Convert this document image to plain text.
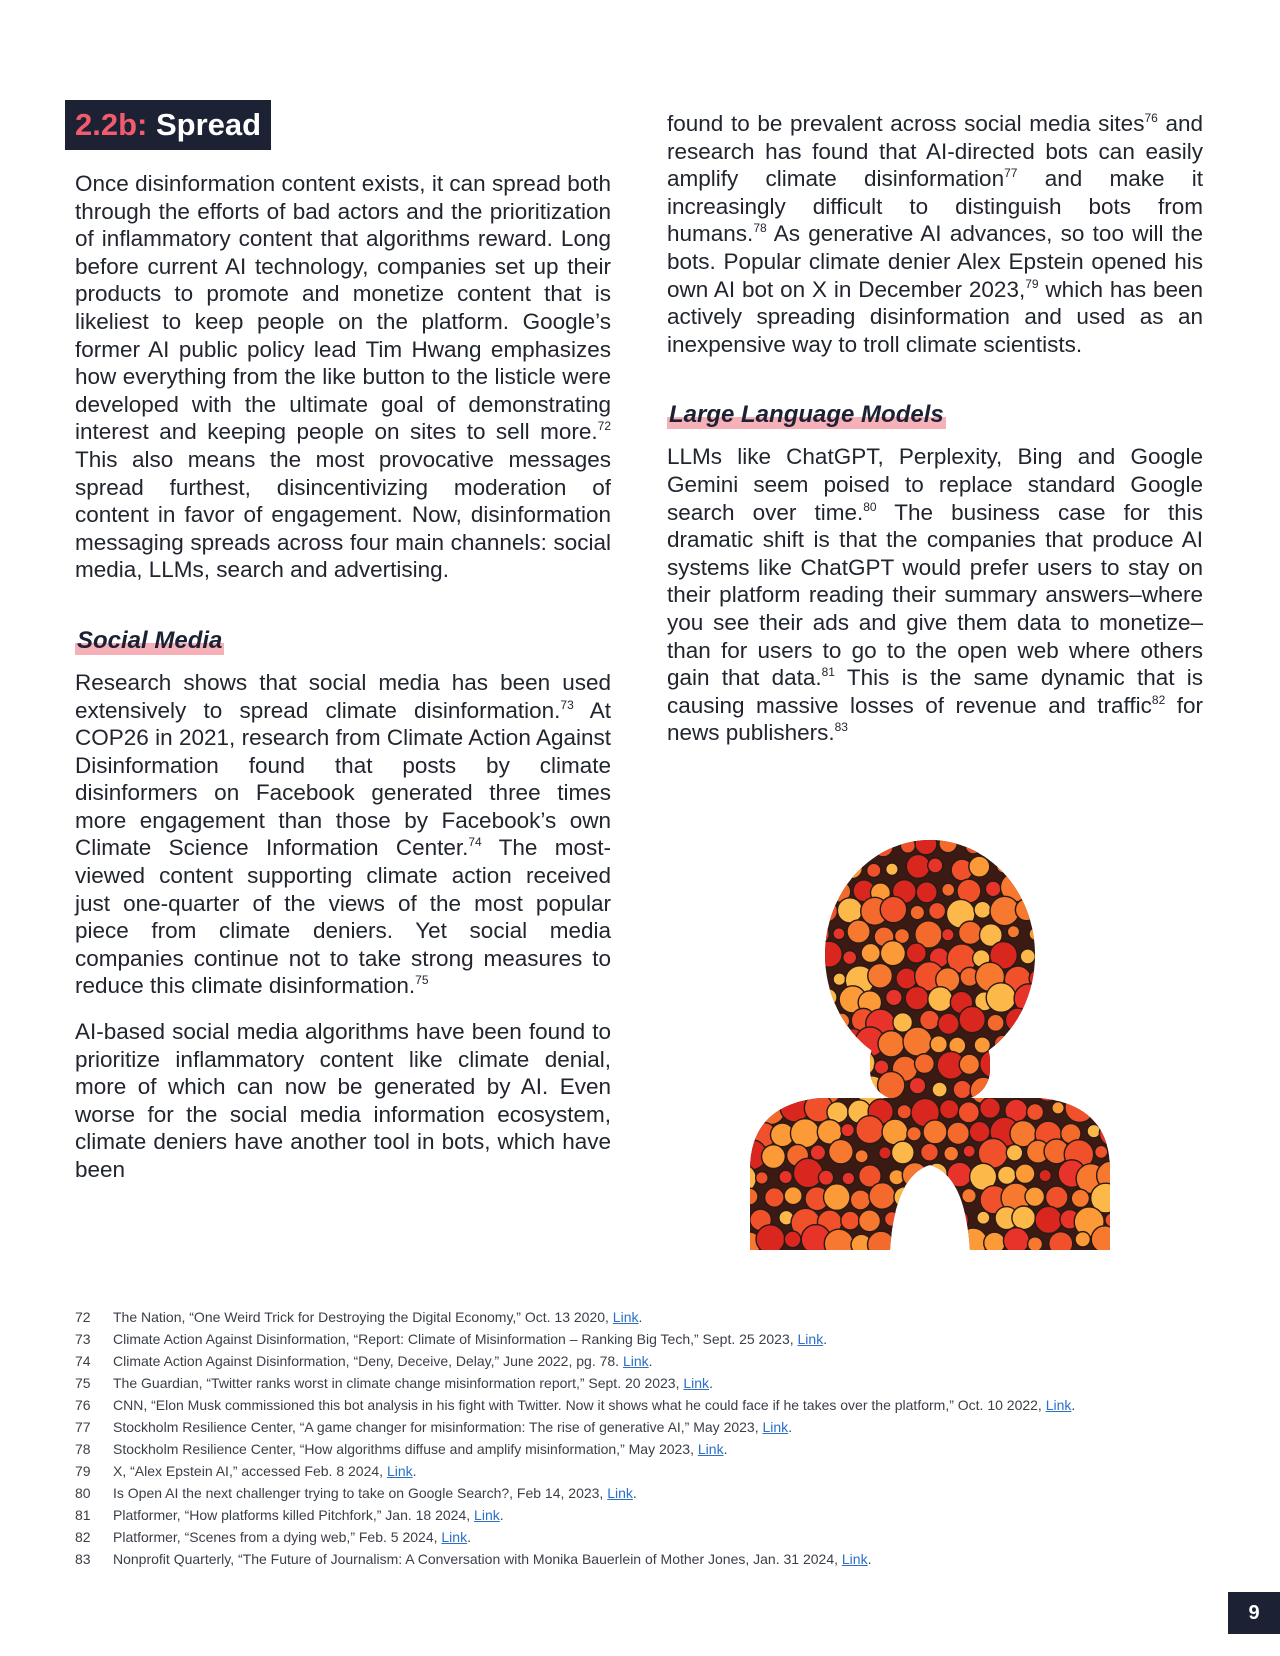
2.2b: Spread

Once disinformation content exists, it can spread both through the efforts of bad actors and the prioritization of inflammatory content that algorithms reward. Long before current AI technology, companies set up their products to promote and monetize content that is likeliest to keep people on the platform. Google’s former AI public policy lead Tim Hwang emphasizes how everything from the like button to the listicle were developed with the ultimate goal of demonstrating interest and keeping people on sites to sell more.$^{72}$ This also means the most provocative messages spread furthest, disincentivizing moderation of content in favor of engagement. Now, disinformation messaging spreads across four main channels: social media, LLMs, search and advertising.

Social Media

Research shows that social media has been used extensively to spread climate disinformation.$^{73}$ At COP26 in 2021, research from Climate Action Against Disinformation found that posts by climate disinformers on Facebook generated three times more engagement than those by Facebook’s own Climate Science Information Center.$^{74}$ The most-viewed content supporting climate action received just one-quarter of the views of the most popular piece from climate deniers. Yet social media companies continue not to take strong measures to reduce this climate disinformation.$^{75}$

AI-based social media algorithms have been found to prioritize inflammatory content like climate denial, more of which can now be generated by AI. Even worse for the social media information ecosystem, climate deniers have another tool in bots, which have been

found to be prevalent across social media sites$^{76}$ and research has found that AI-directed bots can easily amplify climate disinformation$^{77}$ and make it increasingly difficult to distinguish bots from humans.$^{78}$ As generative AI advances, so too will the bots. Popular climate denier Alex Epstein opened his own AI bot on X in December 2023,79 which has been actively spreading disinformation and used as an inexpensive way to troll climate scientists.

Large Language Models

LLMs like ChatGPT, Perplexity, Bing and Google Gemini seem poised to replace standard Google search over time.$^{80}$ The business case for this dramatic shift is that the companies that produce AI systems like ChatGPT would prefer users to stay on their platform reading their summary answers–where you see their ads and give them data to monetize–than for users to go to the open web where others gain that data.$^{81}$ This is the same dynamic that is causing massive losses of revenue and traffic$^{82}$ for news publishers.$^{83}$

72	The Nation, “One Weird Trick for Destroying the Digital Economy,” Oct. 13 2020, Link.
73	Climate Action Against Disinformation, “Report: Climate of Misinformation – Ranking Big Tech,” Sept. 25 2023, Link.
74	Climate Action Against Disinformation, “Deny, Deceive, Delay,” June 2022, pg. 78. Link.
75	The Guardian, “Twitter ranks worst in climate change misinformation report,” Sept. 20 2023, Link.
76	CNN, “Elon Musk commissioned this bot analysis in his fight with Twitter. Now it shows what he could face if he takes over the platform,” Oct. 10 2022, Link.
77	Stockholm Resilience Center, “A game changer for misinformation: The rise of generative AI,” May 2023, Link.
78	Stockholm Resilience Center, “How algorithms diffuse and amplify misinformation,” May 2023, Link.
79	X, “Alex Epstein AI,” accessed Feb. 8 2024, Link.
80	Is Open AI the next challenger trying to take on Google Search?, Feb 14, 2023, Link.
81	Platformer, “How platforms killed Pitchfork,” Jan. 18 2024, Link.
82	Platformer, “Scenes from a dying web,” Feb. 5 2024, Link.
83	Nonprofit Quarterly, “The Future of Journalism: A Conversation with Monika Bauerlein of Mother Jones, Jan. 31 2024, Link.
9
